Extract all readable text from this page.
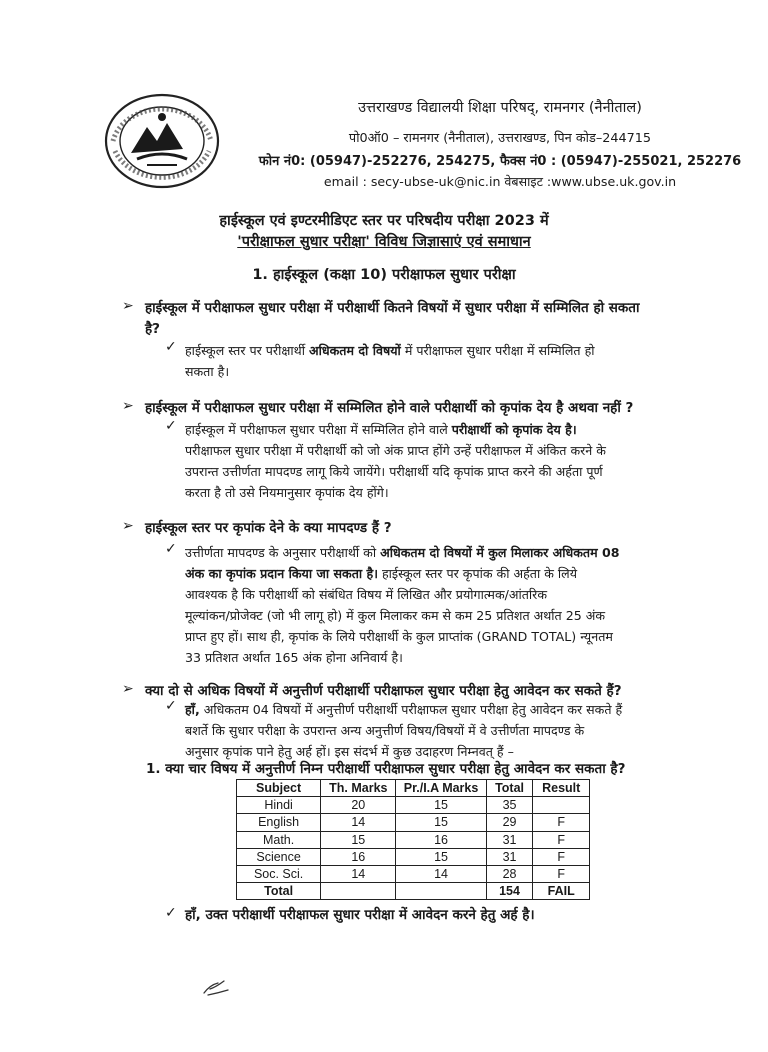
उत्तराखण्ड विद्यालयी शिक्षा परिषद्, रामनगर (नैनीताल)
पो0ऑ0 – रामनगर (नैनीताल), उत्तराखण्ड, पिन कोड–244715
फोन नं0: (05947)-252276, 254275, फैक्स नं0 : (05947)-255021, 252276
email : secy-ubse-uk@nic.in वेबसाइट :www.ubse.uk.gov.in
हाईस्कूल एवं इण्टरमीडिएट स्तर पर परिषदीय परीक्षा 2023 में
'परीक्षाफल सुधार परीक्षा' विविध जिज्ञासाएं एवं समाधान
1. हाईस्कूल (कक्षा 10) परीक्षाफल सुधार परीक्षा
➢ हाईस्कूल में परीक्षाफल सुधार परीक्षा में परीक्षार्थी कितने विषयों में सुधार परीक्षा में सम्मिलित हो सकता
है?
✓ हाईस्कूल स्तर पर परीक्षार्थी अधिकतम दो विषयों में परीक्षाफल सुधार परीक्षा में सम्मिलित हो
सकता है।
➢ हाईस्कूल में परीक्षाफल सुधार परीक्षा में सम्मिलित होने वाले परीक्षार्थी को कृपांक देय है अथवा नहीं ?
✓ हाईस्कूल में परीक्षाफल सुधार परीक्षा में सम्मिलित होने वाले परीक्षार्थी को कृपांक देय है।
परीक्षाफल सुधार परीक्षा में परीक्षार्थी को जो अंक प्राप्त होंगे उन्हें परीक्षाफल में अंकित करने के
उपरान्त उत्तीर्णता मापदण्ड लागू किये जायेंगे। परीक्षार्थी यदि कृपांक प्राप्त करने की अर्हता पूर्ण
करता है तो उसे नियमानुसार कृपांक देय होंगे।
➢ हाईस्कूल स्तर पर कृपांक देने के क्या मापदण्ड हैं ?
✓ उत्तीर्णता मापदण्ड के अनुसार परीक्षार्थी को अधिकतम दो विषयों में कुल मिलाकर अधिकतम 08
अंक का कृपांक प्रदान किया जा सकता है। हाईस्कूल स्तर पर कृपांक की अर्हता के लिये
आवश्यक है कि परीक्षार्थी को संबंधित विषय में लिखित और प्रयोगात्मक/आंतरिक
मूल्यांकन/प्रोजेक्ट (जो भी लागू हो) में कुल मिलाकर कम से कम 25 प्रतिशत अर्थात 25 अंक
प्राप्त हुए हों। साथ ही, कृपांक के लिये परीक्षार्थी के कुल प्राप्तांक (GRAND TOTAL) न्यूनतम
33 प्रतिशत अर्थात 165 अंक होना अनिवार्य है।
➢ क्या दो से अधिक विषयों में अनुत्तीर्ण परीक्षार्थी परीक्षाफल सुधार परीक्षा हेतु आवेदन कर सकते हैं?
✓ हाँ, अधिकतम 04 विषयों में अनुत्तीर्ण परीक्षार्थी परीक्षाफल सुधार परीक्षा हेतु आवेदन कर सकते हैं
बशर्ते कि सुधार परीक्षा के उपरान्त अन्य अनुत्तीर्ण विषय/विषयों में वे उत्तीर्णता मापदण्ड के
अनुसार कृपांक पाने हेतु अर्ह हों। इस संदर्भ में कुछ उदाहरण निम्नवत् हैं –
1. क्या चार विषय में अनुत्तीर्ण निम्न परीक्षार्थी परीक्षाफल सुधार परीक्षा हेतु आवेदन कर सकता है?
Subject	Th. Marks	Pr./I.A Marks	Total	Result
Hindi	20	15	35	
English	14	15	29	F
Math.	15	16	31	F
Science	16	15	31	F
Soc. Sci.	14	14	28	F
Total			154	FAIL
✓ हाँ, उक्त परीक्षार्थी परीक्षाफल सुधार परीक्षा में आवेदन करने हेतु अर्ह है।
